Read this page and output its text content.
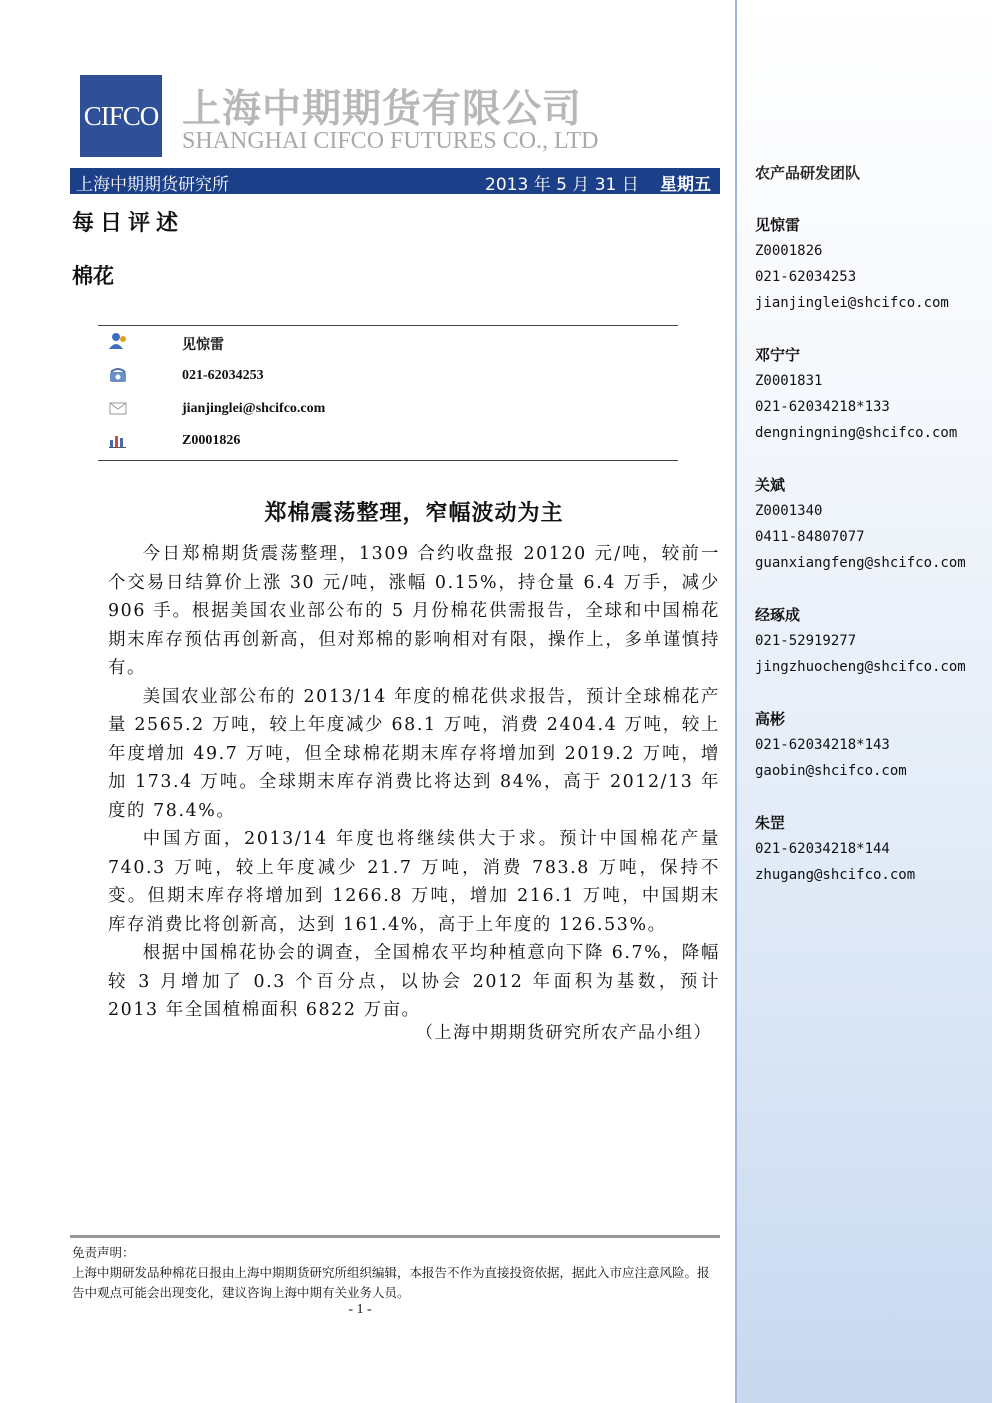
农产品研发团队
见惊雷
Z0001826
021-62034253
jianjinglei@shcifco.com
邓宁宁
Z0001831
021-62034218*133
dengningning@shcifco.com
关斌
Z0001340
0411-84807077
guanxiangfeng@shcifco.com
经琢成
021-52919277
jingzhuocheng@shcifco.com
高彬
021-62034218*143
gaobin@shcifco.com
朱罡
021-62034218*144
zhugang@shcifco.com
CIFCO 上海中期期货有限公司
SHANGHAI CIFCO FUTURES CO., LTD
上海中期期货研究所	2013 年 5 月 31 日 星期五
每日评述
棉花
见惊雷
021-62034253
jianjinglei@shcifco.com
Z0001826
郑棉震荡整理，窄幅波动为主

今日郑棉期货震荡整理，1309 合约收盘报 20120 元/吨，较前一个交易日结算价上涨 30 元/吨，涨幅 0.15%，持仓量 6.4 万手，减少 906 手。根据美国农业部公布的 5 月份棉花供需报告，全球和中国棉花期末库存预估再创新高，但对郑棉的影响相对有限，操作上，多单谨慎持有。

美国农业部公布的 2013/14 年度的棉花供求报告，预计全球棉花产量 2565.2 万吨，较上年度减少 68.1 万吨，消费 2404.4 万吨，较上年度增加 49.7 万吨，但全球棉花期末库存将增加到 2019.2 万吨，增加 173.4 万吨。全球期末库存消费比将达到 84%，高于 2012/13 年度的 78.4%。

中国方面，2013/14 年度也将继续供大于求。预计中国棉花产量 740.3 万吨，较上年度减少 21.7 万吨，消费 783.8 万吨，保持不变。但期末库存将增加到 1266.8 万吨，增加 216.1 万吨，中国期末库存消费比将创新高，达到 161.4%，高于上年度的 126.53%。

根据中国棉花协会的调查，全国棉农平均种植意向下降 6.7%，降幅较 3 月增加了 0.3 个百分点，以协会 2012 年面积为基数，预计 2013 年全国植棉面积 6822 万亩。

（上海中期期货研究所农产品小组）
免责声明：
上海中期研发品种棉花日报由上海中期期货研究所组织编辑，本报告不作为直接投资依据，据此入市应注意风险。报告中观点可能会出现变化，建议咨询上海中期有关业务人员。
- 1 -
